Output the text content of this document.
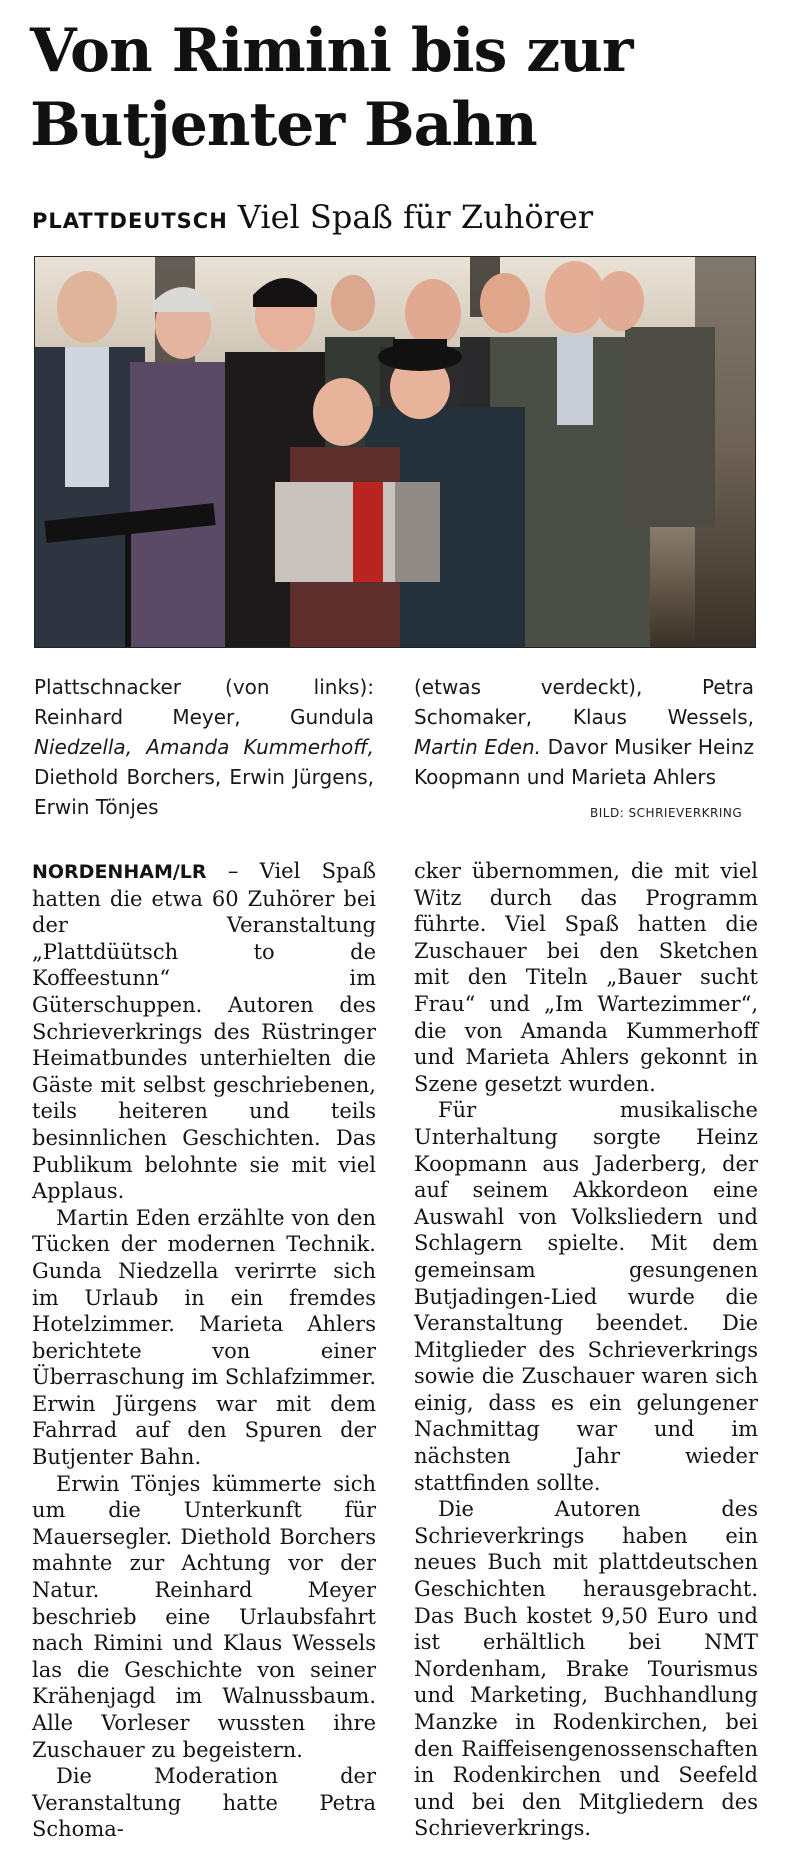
Von Rimini bis zur Butjenter Bahn
PLATTDEUTSCH Viel Spaß für Zuhörer
Plattschnacker (von links): Reinhard Meyer, Gundula Niedzella, Amanda Kummerhoff, Diethold Borchers, Erwin Jürgens, Erwin Tönjes
(etwas verdeckt), Petra Schomaker, Klaus Wessels, Martin Eden. Davor Musiker Heinz Koopmann und Marieta Ahlers
BILD: SCHRIEVERKRING

NORDENHAM/LR – Viel Spaß hatten die etwa 60 Zuhörer bei der Veranstaltung „Plattdüütsch to de Koffeestunn“ im Güterschuppen. Autoren des Schrieverkrings des Rüstringer Heimatbundes unterhielten die Gäste mit selbst geschriebenen, teils heiteren und teils besinnlichen Geschichten. Das Publikum belohnte sie mit viel Applaus.

Martin Eden erzählte von den Tücken der modernen Technik. Gunda Niedzella verirrte sich im Urlaub in ein fremdes Hotelzimmer. Marieta Ahlers berichtete von einer Überraschung im Schlafzimmer. Erwin Jürgens war mit dem Fahrrad auf den Spuren der Butjenter Bahn.

Erwin Tönjes kümmerte sich um die Unterkunft für Mauersegler. Diethold Borchers mahnte zur Achtung vor der Natur. Reinhard Meyer beschrieb eine Urlaubsfahrt nach Rimini und Klaus Wessels las die Geschichte von seiner Krähenjagd im Walnussbaum. Alle Vorleser wussten ihre Zuschauer zu begeistern.

Die Moderation der Veranstaltung hatte Petra Schoma-

cker übernommen, die mit viel Witz durch das Programm führte. Viel Spaß hatten die Zuschauer bei den Sketchen mit den Titeln „Bauer sucht Frau“ und „Im Wartezimmer“, die von Amanda Kummerhoff und Marieta Ahlers gekonnt in Szene gesetzt wurden.

Für musikalische Unterhaltung sorgte Heinz Koopmann aus Jaderberg, der auf seinem Akkordeon eine Auswahl von Volksliedern und Schlagern spielte. Mit dem gemeinsam gesungenen Butjadingen-Lied wurde die Veranstaltung beendet. Die Mitglieder des Schrieverkrings sowie die Zuschauer waren sich einig, dass es ein gelungener Nachmittag war und im nächsten Jahr wieder stattfinden sollte.

Die Autoren des Schrieverkrings haben ein neues Buch mit plattdeutschen Geschichten herausgebracht. Das Buch kostet 9,50 Euro und ist erhältlich bei NMT Nordenham, Brake Tourismus und Marketing, Buchhandlung Manzke in Rodenkirchen, bei den Raiffeisengenossenschaften in Rodenkirchen und Seefeld und bei den Mitgliedern des Schrieverkrings.
